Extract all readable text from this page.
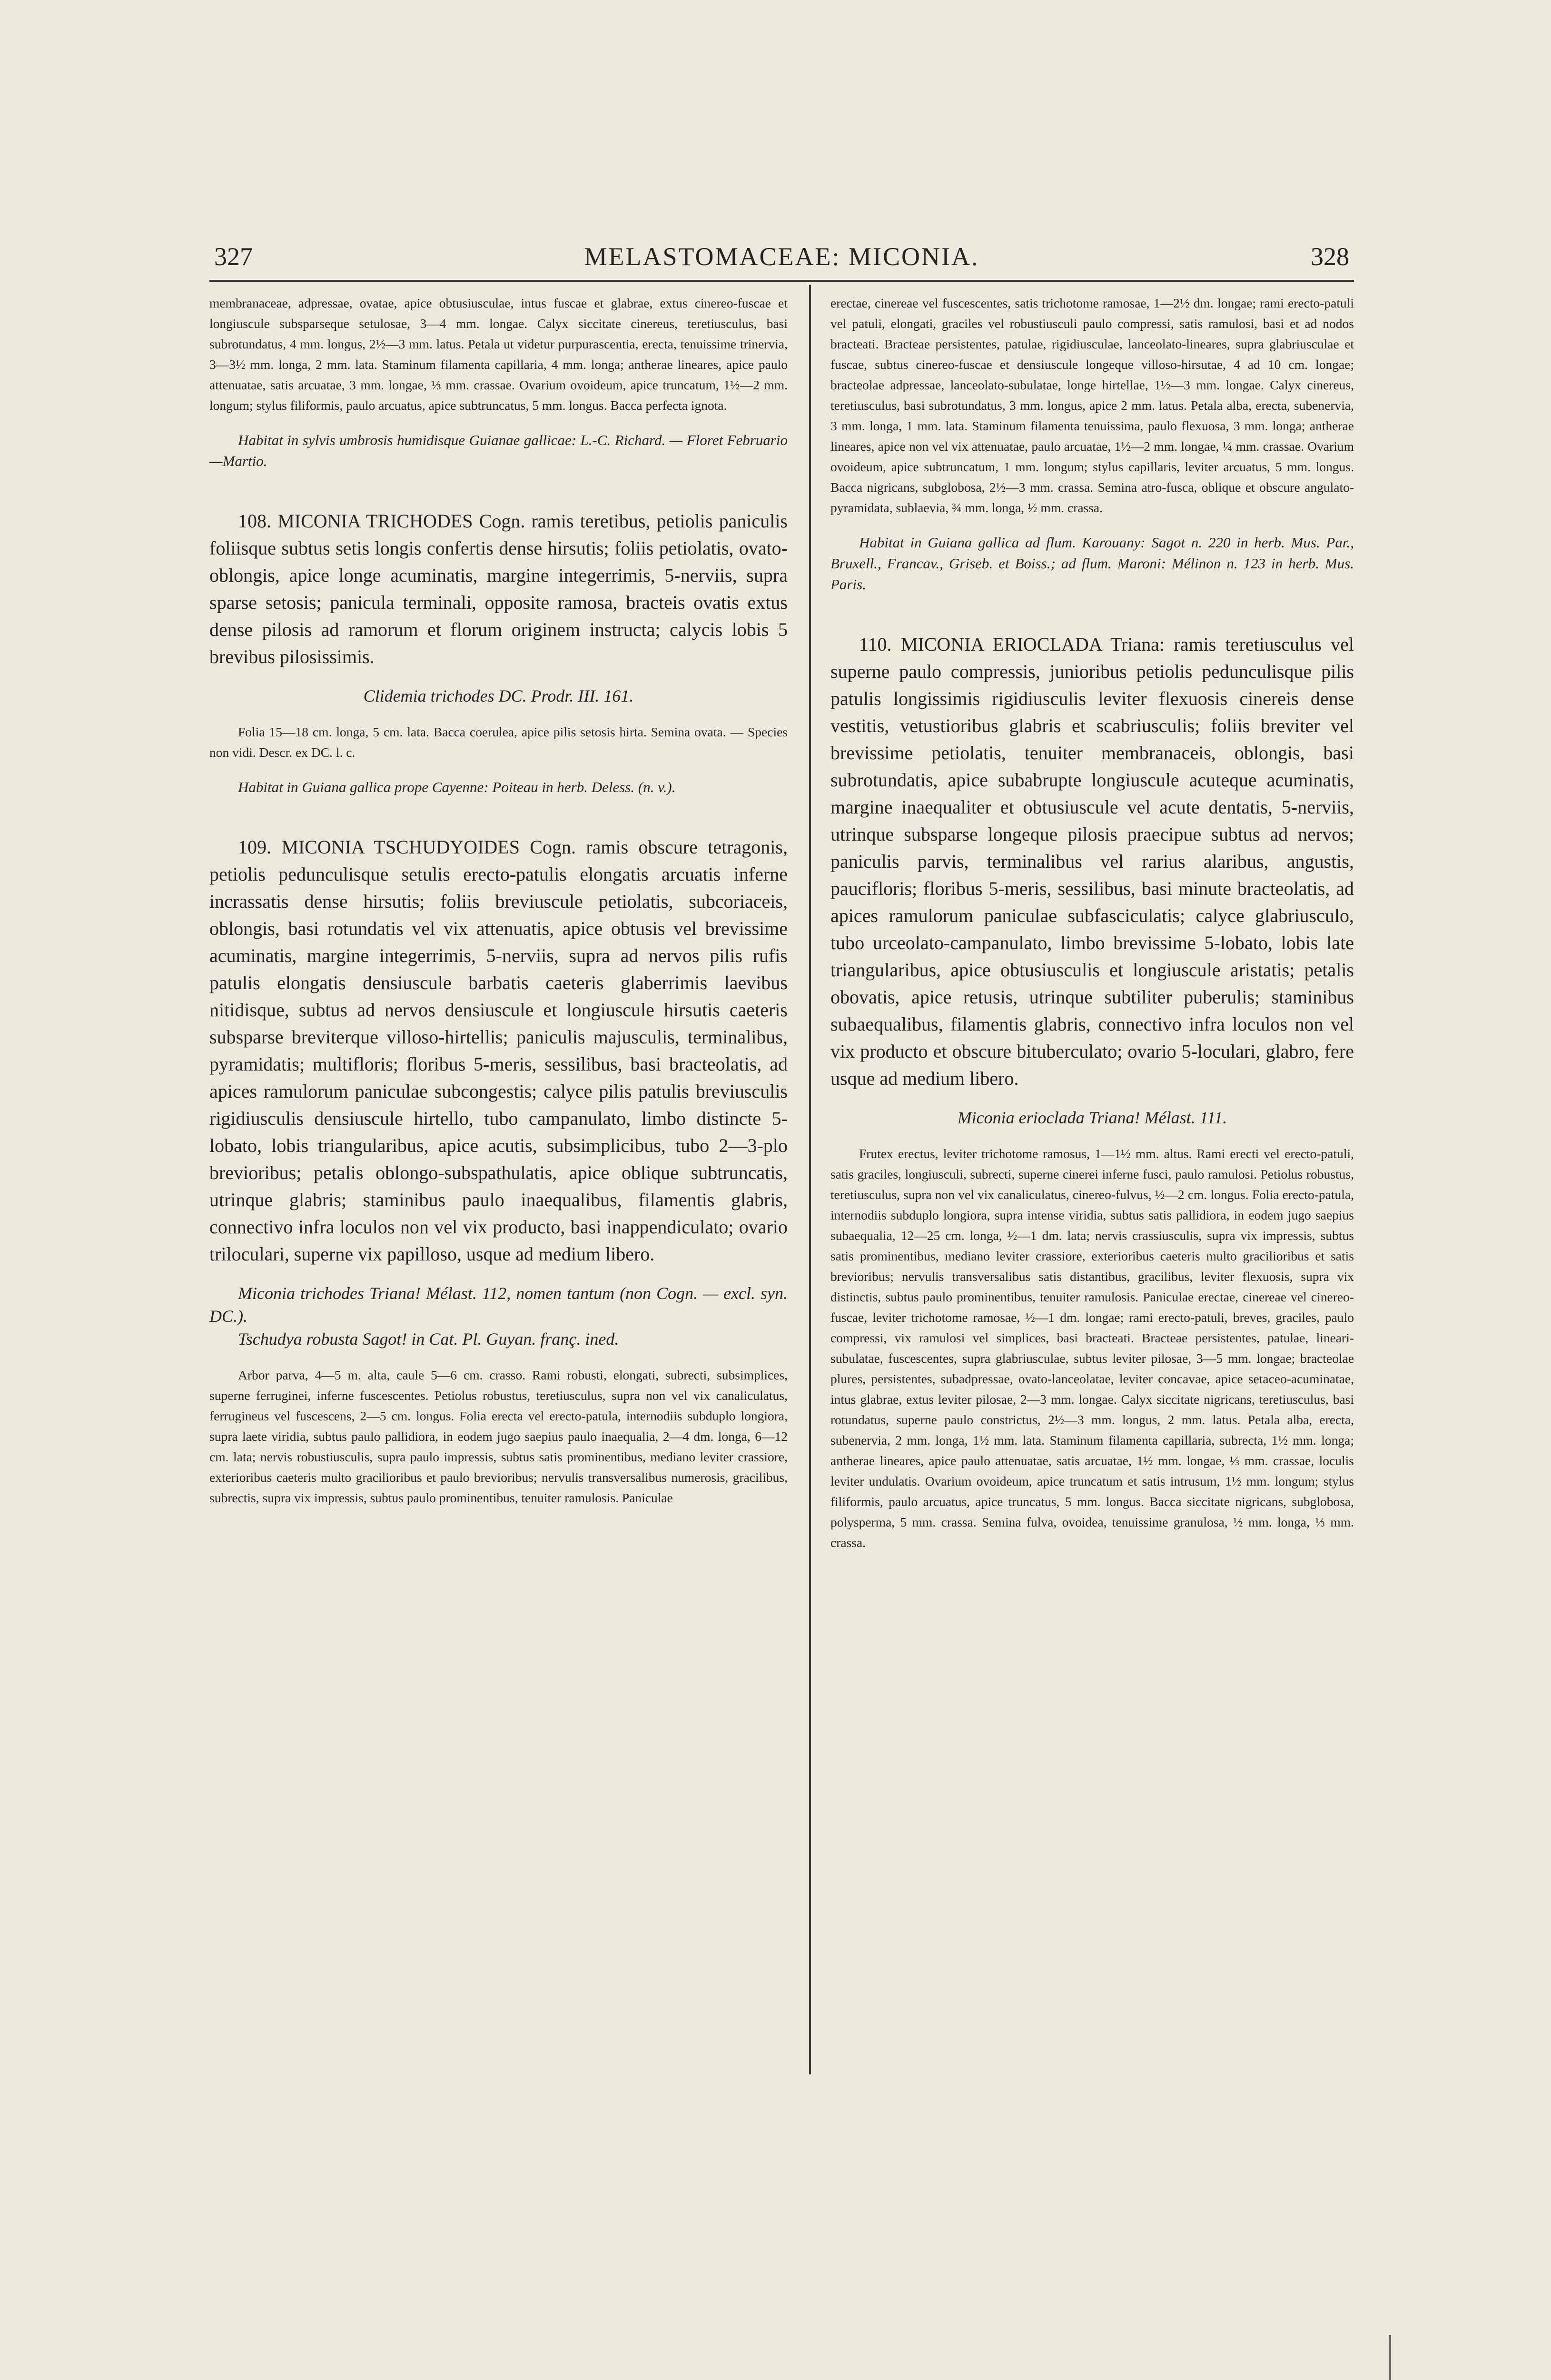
327	MELASTOMACEAE: MICONIA.	328

membranaceae, adpressae, ovatae, apice obtusiusculae, intus fuscae et glabrae, extus cinereo-fuscae et longiuscule subsparseque setulosae, 3—4 mm. longae. Calyx siccitate cinereus, teretiusculus, basi subrotundatus, 4 mm. longus, 2½—3 mm. latus. Petala ut videtur purpurascentia, erecta, tenuissime trinervia, 3—3½ mm. longa, 2 mm. lata. Staminum filamenta capillaria, 4 mm. longa; antherae lineares, apice paulo attenuatae, satis arcuatae, 3 mm. longae, ⅓ mm. crassae. Ovarium ovoideum, apice truncatum, 1½—2 mm. longum; stylus filiformis, paulo arcuatus, apice subtruncatus, 5 mm. longus. Bacca perfecta ignota.

Habitat in sylvis umbrosis humidisque Guianae gallicae: L.-C. Richard. — Floret Februario—Martio.

108. MICONIA TRICHODES Cogn. ramis teretibus, petiolis paniculis foliisque subtus setis longis confertis dense hirsutis; foliis petiolatis, ovato-oblongis, apice longe acuminatis, margine integerrimis, 5-nerviis, supra sparse setosis; panicula terminali, opposite ramosa, bracteis ovatis extus dense pilosis ad ramorum et florum originem instructa; calycis lobis 5 brevibus pilosissimis.

Clidemia trichodes DC. Prodr. III. 161.

Folia 15—18 cm. longa, 5 cm. lata. Bacca coerulea, apice pilis setosis hirta. Semina ovata. — Species non vidi. Descr. ex DC. l. c.

Habitat in Guiana gallica prope Cayenne: Poiteau in herb. Deless. (n. v.).

109. MICONIA TSCHUDYOIDES Cogn. ramis obscure tetragonis, petiolis pedunculisque setulis erecto-patulis elongatis arcuatis inferne incrassatis dense hirsutis; foliis breviuscule petiolatis, subcoriaceis, oblongis, basi rotundatis vel vix attenuatis, apice obtusis vel brevissime acuminatis, margine integerrimis, 5-nerviis, supra ad nervos pilis rufis patulis elongatis densiuscule barbatis caeteris glaberrimis laevibus nitidisque, subtus ad nervos densiuscule et longiuscule hirsutis caeteris subsparse breviterque villoso-hirtellis; paniculis majusculis, terminalibus, pyramidatis; multifloris; floribus 5-meris, sessilibus, basi bracteolatis, ad apices ramulorum paniculae subcongestis; calyce pilis patulis breviusculis rigidiusculis densiuscule hirtello, tubo campanulato, limbo distincte 5-lobato, lobis triangularibus, apice acutis, subsimplicibus, tubo 2—3-plo brevioribus; petalis oblongo-subspathulatis, apice oblique subtruncatis, utrinque glabris; staminibus paulo inaequalibus, filamentis glabris, connectivo infra loculos non vel vix producto, basi inappendiculato; ovario triloculari, superne vix papilloso, usque ad medium libero.

Miconia trichodes Triana! Mélast. 112, nomen tantum (non Cogn. — excl. syn. DC.).

Tschudya robusta Sagot! in Cat. Pl. Guyan. franç. ined.

Arbor parva, 4—5 m. alta, caule 5—6 cm. crasso. Rami robusti, elongati, subrecti, subsimplices, superne ferruginei, inferne fuscescentes. Petiolus robustus, teretiusculus, supra non vel vix canaliculatus, ferrugineus vel fuscescens, 2—5 cm. longus. Folia erecta vel erecto-patula, internodiis subduplo longiora, supra laete viridia, subtus paulo pallidiora, in eodem jugo saepius paulo inaequalia, 2—4 dm. longa, 6—12 cm. lata; nervis robustiusculis, supra paulo impressis, subtus satis prominentibus, mediano leviter crassiore, exterioribus caeteris multo gracilioribus et paulo brevioribus; nervulis transversalibus numerosis, gracilibus, subrectis, supra vix impressis, subtus paulo prominentibus, tenuiter ramulosis. Paniculae

erectae, cinereae vel fuscescentes, satis trichotome ramosae, 1—2½ dm. longae; rami erecto-patuli vel patuli, elongati, graciles vel robustiusculi paulo compressi, satis ramulosi, basi et ad nodos bracteati. Bracteae persistentes, patulae, rigidiusculae, lanceolato-lineares, supra glabriusculae et fuscae, subtus cinereo-fuscae et densiuscule longeque villoso-hirsutae, 4 ad 10 cm. longae; bracteolae adpressae, lanceolato-subulatae, longe hirtellae, 1½—3 mm. longae. Calyx cinereus, teretiusculus, basi subrotundatus, 3 mm. longus, apice 2 mm. latus. Petala alba, erecta, subenervia, 3 mm. longa, 1 mm. lata. Staminum filamenta tenuissima, paulo flexuosa, 3 mm. longa; antherae lineares, apice non vel vix attenuatae, paulo arcuatae, 1½—2 mm. longae, ¼ mm. crassae. Ovarium ovoideum, apice subtruncatum, 1 mm. longum; stylus capillaris, leviter arcuatus, 5 mm. longus. Bacca nigricans, subglobosa, 2½—3 mm. crassa. Semina atro-fusca, oblique et obscure angulato-pyramidata, sublaevia, ¾ mm. longa, ½ mm. crassa.

Habitat in Guiana gallica ad flum. Karouany: Sagot n. 220 in herb. Mus. Par., Bruxell., Francav., Griseb. et Boiss.; ad flum. Maroni: Mélinon n. 123 in herb. Mus. Paris.

110. MICONIA ERIOCLADA Triana: ramis teretiusculus vel superne paulo compressis, junioribus petiolis pedunculisque pilis patulis longissimis rigidiusculis leviter flexuosis cinereis dense vestitis, vetustioribus glabris et scabriusculis; foliis breviter vel brevissime petiolatis, tenuiter membranaceis, oblongis, basi subrotundatis, apice subabrupte longiuscule acuteque acuminatis, margine inaequaliter et obtusiuscule vel acute dentatis, 5-nerviis, utrinque subsparse longeque pilosis praecipue subtus ad nervos; paniculis parvis, terminalibus vel rarius alaribus, angustis, paucifloris; floribus 5-meris, sessilibus, basi minute bracteolatis, ad apices ramulorum paniculae subfasciculatis; calyce glabriusculo, tubo urceolato-campanulato, limbo brevissime 5-lobato, lobis late triangularibus, apice obtusiusculis et longiuscule aristatis; petalis obovatis, apice retusis, utrinque subtiliter puberulis; staminibus subaequalibus, filamentis glabris, connectivo infra loculos non vel vix producto et obscure bituberculato; ovario 5-loculari, glabro, fere usque ad medium libero.

Miconia erioclada Triana! Mélast. 111.

Frutex erectus, leviter trichotome ramosus, 1—1½ mm. altus. Rami erecti vel erecto-patuli, satis graciles, longiusculi, subrecti, superne cinerei inferne fusci, paulo ramulosi. Petiolus robustus, teretiusculus, supra non vel vix canaliculatus, cinereo-fulvus, ½—2 cm. longus. Folia erecto-patula, internodiis subduplo longiora, supra intense viridia, subtus satis pallidiora, in eodem jugo saepius subaequalia, 12—25 cm. longa, ½—1 dm. lata; nervis crassiusculis, supra vix impressis, subtus satis prominentibus, mediano leviter crassiore, exterioribus caeteris multo gracilioribus et satis brevioribus; nervulis transversalibus satis distantibus, gracilibus, leviter flexuosis, supra vix distinctis, subtus paulo prominentibus, tenuiter ramulosis. Paniculae erectae, cinereae vel cinereo-fuscae, leviter trichotome ramosae, ½—1 dm. longae; rami erecto-patuli, breves, graciles, paulo compressi, vix ramulosi vel simplices, basi bracteati. Bracteae persistentes, patulae, lineari-subulatae, fuscescentes, supra glabriusculae, subtus leviter pilosae, 3—5 mm. longae; bracteolae plures, persistentes, subadpressae, ovato-lanceolatae, leviter concavae, apice setaceo-acuminatae, intus glabrae, extus leviter pilosae, 2—3 mm. longae. Calyx siccitate nigricans, teretiusculus, basi rotundatus, superne paulo constrictus, 2½—3 mm. longus, 2 mm. latus. Petala alba, erecta, subenervia, 2 mm. longa, 1½ mm. lata. Staminum filamenta capillaria, subrecta, 1½ mm. longa; antherae lineares, apice paulo attenuatae, satis arcuatae, 1½ mm. longae, ⅓ mm. crassae, loculis leviter undulatis. Ovarium ovoideum, apice truncatum et satis intrusum, 1½ mm. longum; stylus filiformis, paulo arcuatus, apice truncatus, 5 mm. longus. Bacca siccitate nigricans, subglobosa, polysperma, 5 mm. crassa. Semina fulva, ovoidea, tenuissime granulosa, ½ mm. longa, ⅓ mm. crassa.
